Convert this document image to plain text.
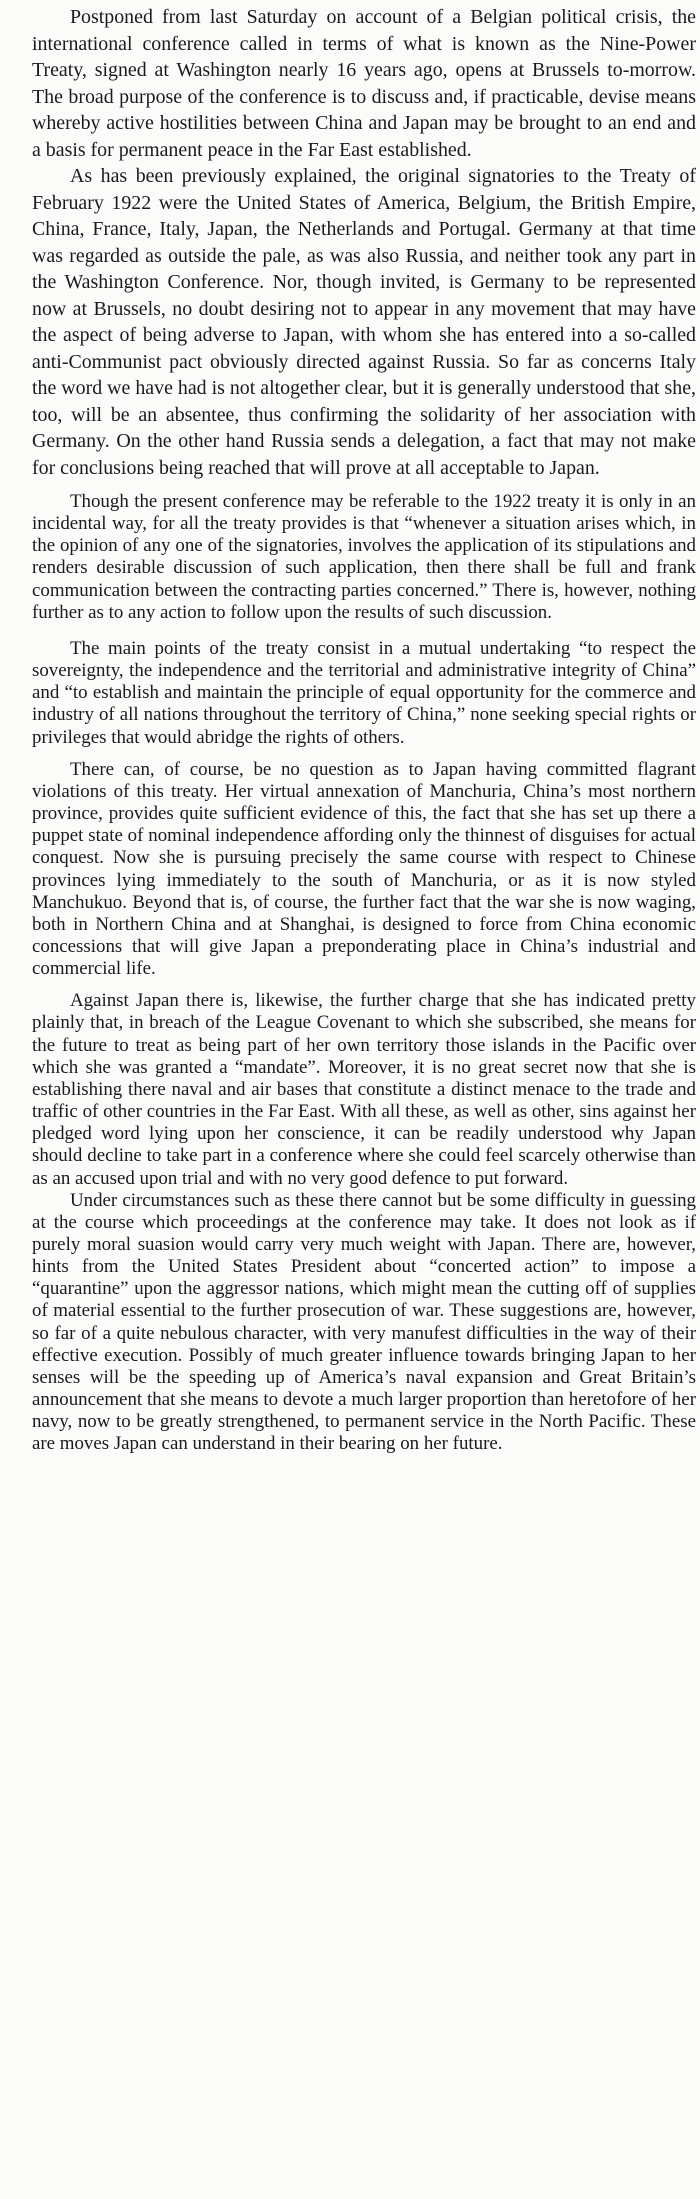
Postponed from last Saturday on account of a Belgian political crisis, the international conference called in terms of what is known as the Nine-Power Treaty, signed at Washington nearly 16 years ago, opens at Brussels to-morrow. The broad purpose of the conference is to discuss and, if practicable, devise means whereby active hostilities between China and Japan may be brought to an end and a basis for permanent peace in the Far East established.

As has been previously explained, the original signatories to the Treaty of February 1922 were the United States of America, Belgium, the British Empire, China, France, Italy, Japan, the Netherlands and Portugal. Germany at that time was regarded as outside the pale, as was also Russia, and neither took any part in the Washington Conference. Nor, though invited, is Germany to be represented now at Brussels, no doubt desiring not to appear in any movement that may have the aspect of being adverse to Japan, with whom she has entered into a so-called anti-Communist pact obviously directed against Russia. So far as concerns Italy the word we have had is not altogether clear, but it is generally understood that she, too, will be an absentee, thus confirming the solidarity of her association with Germany. On the other hand Russia sends a delegation, a fact that may not make for conclusions being reached that will prove at all acceptable to Japan.

Though the present conference may be referable to the 1922 treaty it is only in an incidental way, for all the treaty provides is that “whenever a situation arises which, in the opinion of any one of the signatories, involves the application of its stipulations and renders desirable discussion of such application, then there shall be full and frank communication between the contracting parties concerned.” There is, however, nothing further as to any action to follow upon the results of such discussion.

The main points of the treaty consist in a mutual undertaking “to respect the sovereignty, the independence and the territorial and administrative integrity of China” and “to establish and maintain the principle of equal opportunity for the commerce and industry of all nations throughout the territory of China,” none seeking special rights or privileges that would abridge the rights of others.

There can, of course, be no question as to Japan having committed flagrant violations of this treaty. Her virtual annexation of Manchuria, China’s most northern province, provides quite sufficient evidence of this, the fact that she has set up there a puppet state of nominal independence affording only the thinnest of disguises for actual conquest. Now she is pursuing precisely the same course with respect to Chinese provinces lying immediately to the south of Manchuria, or as it is now styled Manchukuo. Beyond that is, of course, the further fact that the war she is now waging, both in Northern China and at Shanghai, is designed to force from China economic concessions that will give Japan a preponderating place in China’s industrial and commercial life.

Against Japan there is, likewise, the further charge that she has indicated pretty plainly that, in breach of the League Covenant to which she subscribed, she means for the future to treat as being part of her own territory those islands in the Pacific over which she was granted a “mandate”. Moreover, it is no great secret now that she is establishing there naval and air bases that constitute a distinct menace to the trade and traffic of other countries in the Far East. With all these, as well as other, sins against her pledged word lying upon her conscience, it can be readily understood why Japan should decline to take part in a conference where she could feel scarcely otherwise than as an accused upon trial and with no very good defence to put forward.

Under circumstances such as these there cannot but be some difficulty in guessing at the course which proceedings at the conference may take. It does not look as if purely moral suasion would carry very much weight with Japan. There are, however, hints from the United States President about “concerted action” to impose a “quarantine” upon the aggressor nations, which might mean the cutting off of supplies of material essential to the further prosecution of war. These suggestions are, however, so far of a quite nebulous character, with very manufest difficulties in the way of their effective execution. Possibly of much greater influence towards bringing Japan to her senses will be the speeding up of America’s naval expansion and Great Britain’s announcement that she means to devote a much larger proportion than heretofore of her navy, now to be greatly strengthened, to permanent service in the North Pacific. These are moves Japan can understand in their bearing on her future.
